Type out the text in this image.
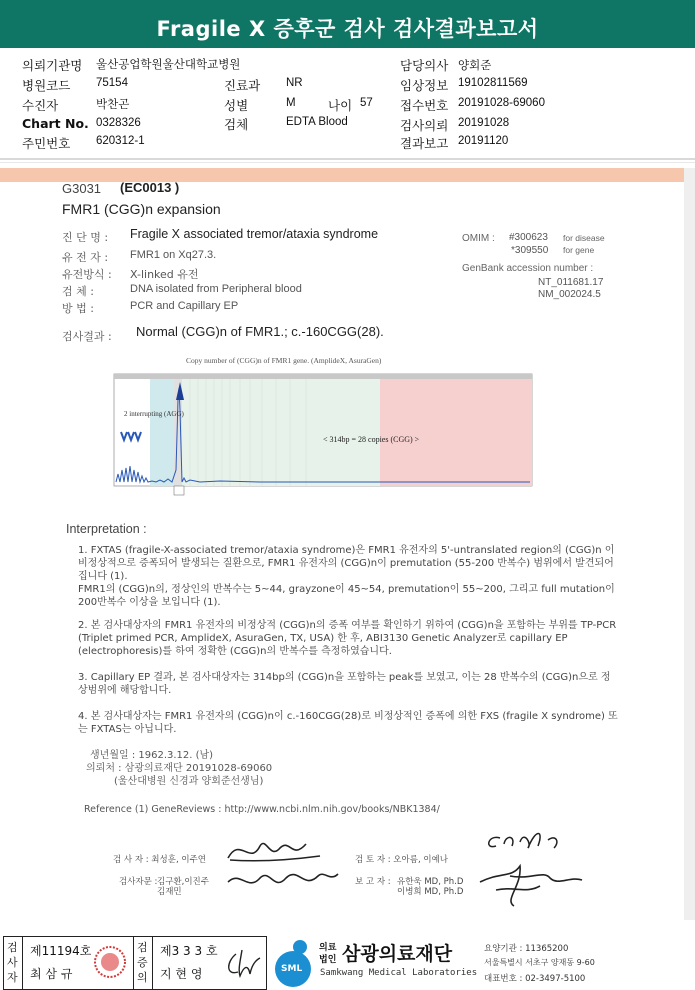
Fragile X 증후군 검사 검사결과보고서
의뢰기관명 울산공업학원울산대학교병원	담당의사 양회준
병원코드 75154	진료과 NR	임상정보 19102811569
수진자	박찬곤	성별	M	나이 57 접수번호 20191028-69060
Chart No. 0328326	검체	EDTA Blood	검사의뢰 20191028
주민번호 620312-1	결과보고 20191120
G3031 (EC0013 )
FMR1 (CGG)n expansion
진 단 명 : Fragile X associated tremor/ataxia syndrome
유 전 자 : FMR1 on Xq27.3.
유전방식 : X-linked 유전
검 체 :	DNA isolated from Peripheral blood
방 법 :	PCR and Capillary EP
OMIM : #300623 for disease
*309550 for gene
GenBank accession number :
NT_011681.17
NM_002024.5
검사결과 : Normal (CGG)n of FMR1.; c.-160CGG(28).
Copy number of (CGG)n of FMR1 gene. (AmplideX, AsuraGen)
2 interrupting (AGG)
< 314bp = 28 copies (CGG) >
Interpretation :
1. FXTAS (fragile-X-associated tremor/ataxia syndrome)은 FMR1 유전자의 5'-untranslated region의 (CGG)n 이 비정상적으로 증폭되어 발생되는 질환으로, FMR1 유전자의 (CGG)n이 premutation (55-200 반복수) 범위에서 발견되어집니다 (1).
FMR1의 (CGG)n의, 정상인의 반복수는 5~44, grayzone이 45~54, premutation이 55~200, 그리고 full mutation이 200반복수 이상을 보입니다 (1).
2. 본 검사대상자의 FMR1 유전자의 비정상적 (CGG)n의 증폭 여부를 확인하기 위하여 (CGG)n을 포함하는 부위를 TP-PCR (Triplet primed PCR, AmplideX, AsuraGen, TX, USA) 한 후, ABI3130 Genetic Analyzer로 capillary EP (electrophoresis)를 하여 정확한 (CGG)n의 반복수를 측정하였습니다.
3. Capillary EP 결과, 본 검사대상자는 314bp의 (CGG)n을 포함하는 peak를 보였고, 이는 28 반복수의 (CGG)n으로 정상범위에 해당합니다.
4. 본 검사대상자는 FMR1 유전자의 (CGG)n이 c.-160CGG(28)로 비정상적인 증폭에 의한 FXS (fragile X syndrome) 또는 FXTAS는 아닙니다.
생년월일 : 1962.3.12. (남)
의뢰처 : 삼광의료재단 20191028-69060
(울산대병원 신경과 양회준선생님)
Reference (1) GeneReviews : http://www.ncbi.nlm.nih.gov/books/NBK1384/
검 사 자 : 최성훈, 이주연
검사자문 : 김구환,이진주
김재민
검 토 자 : 오아름, 이예나
보 고 자 : 유한욱 MD, Ph.D
이병희 MD, Ph.D
검
사
자
제11194호
최 삼 규
검
증
의
제3 3 3 호
지 현 영	SML
의료
법인 삼광의료재단
Samkwang Medical Laboratories
요양기관 : 11365200
서울특별시 서초구 양재동 9-60
대표번호 : 02-3497-5100
